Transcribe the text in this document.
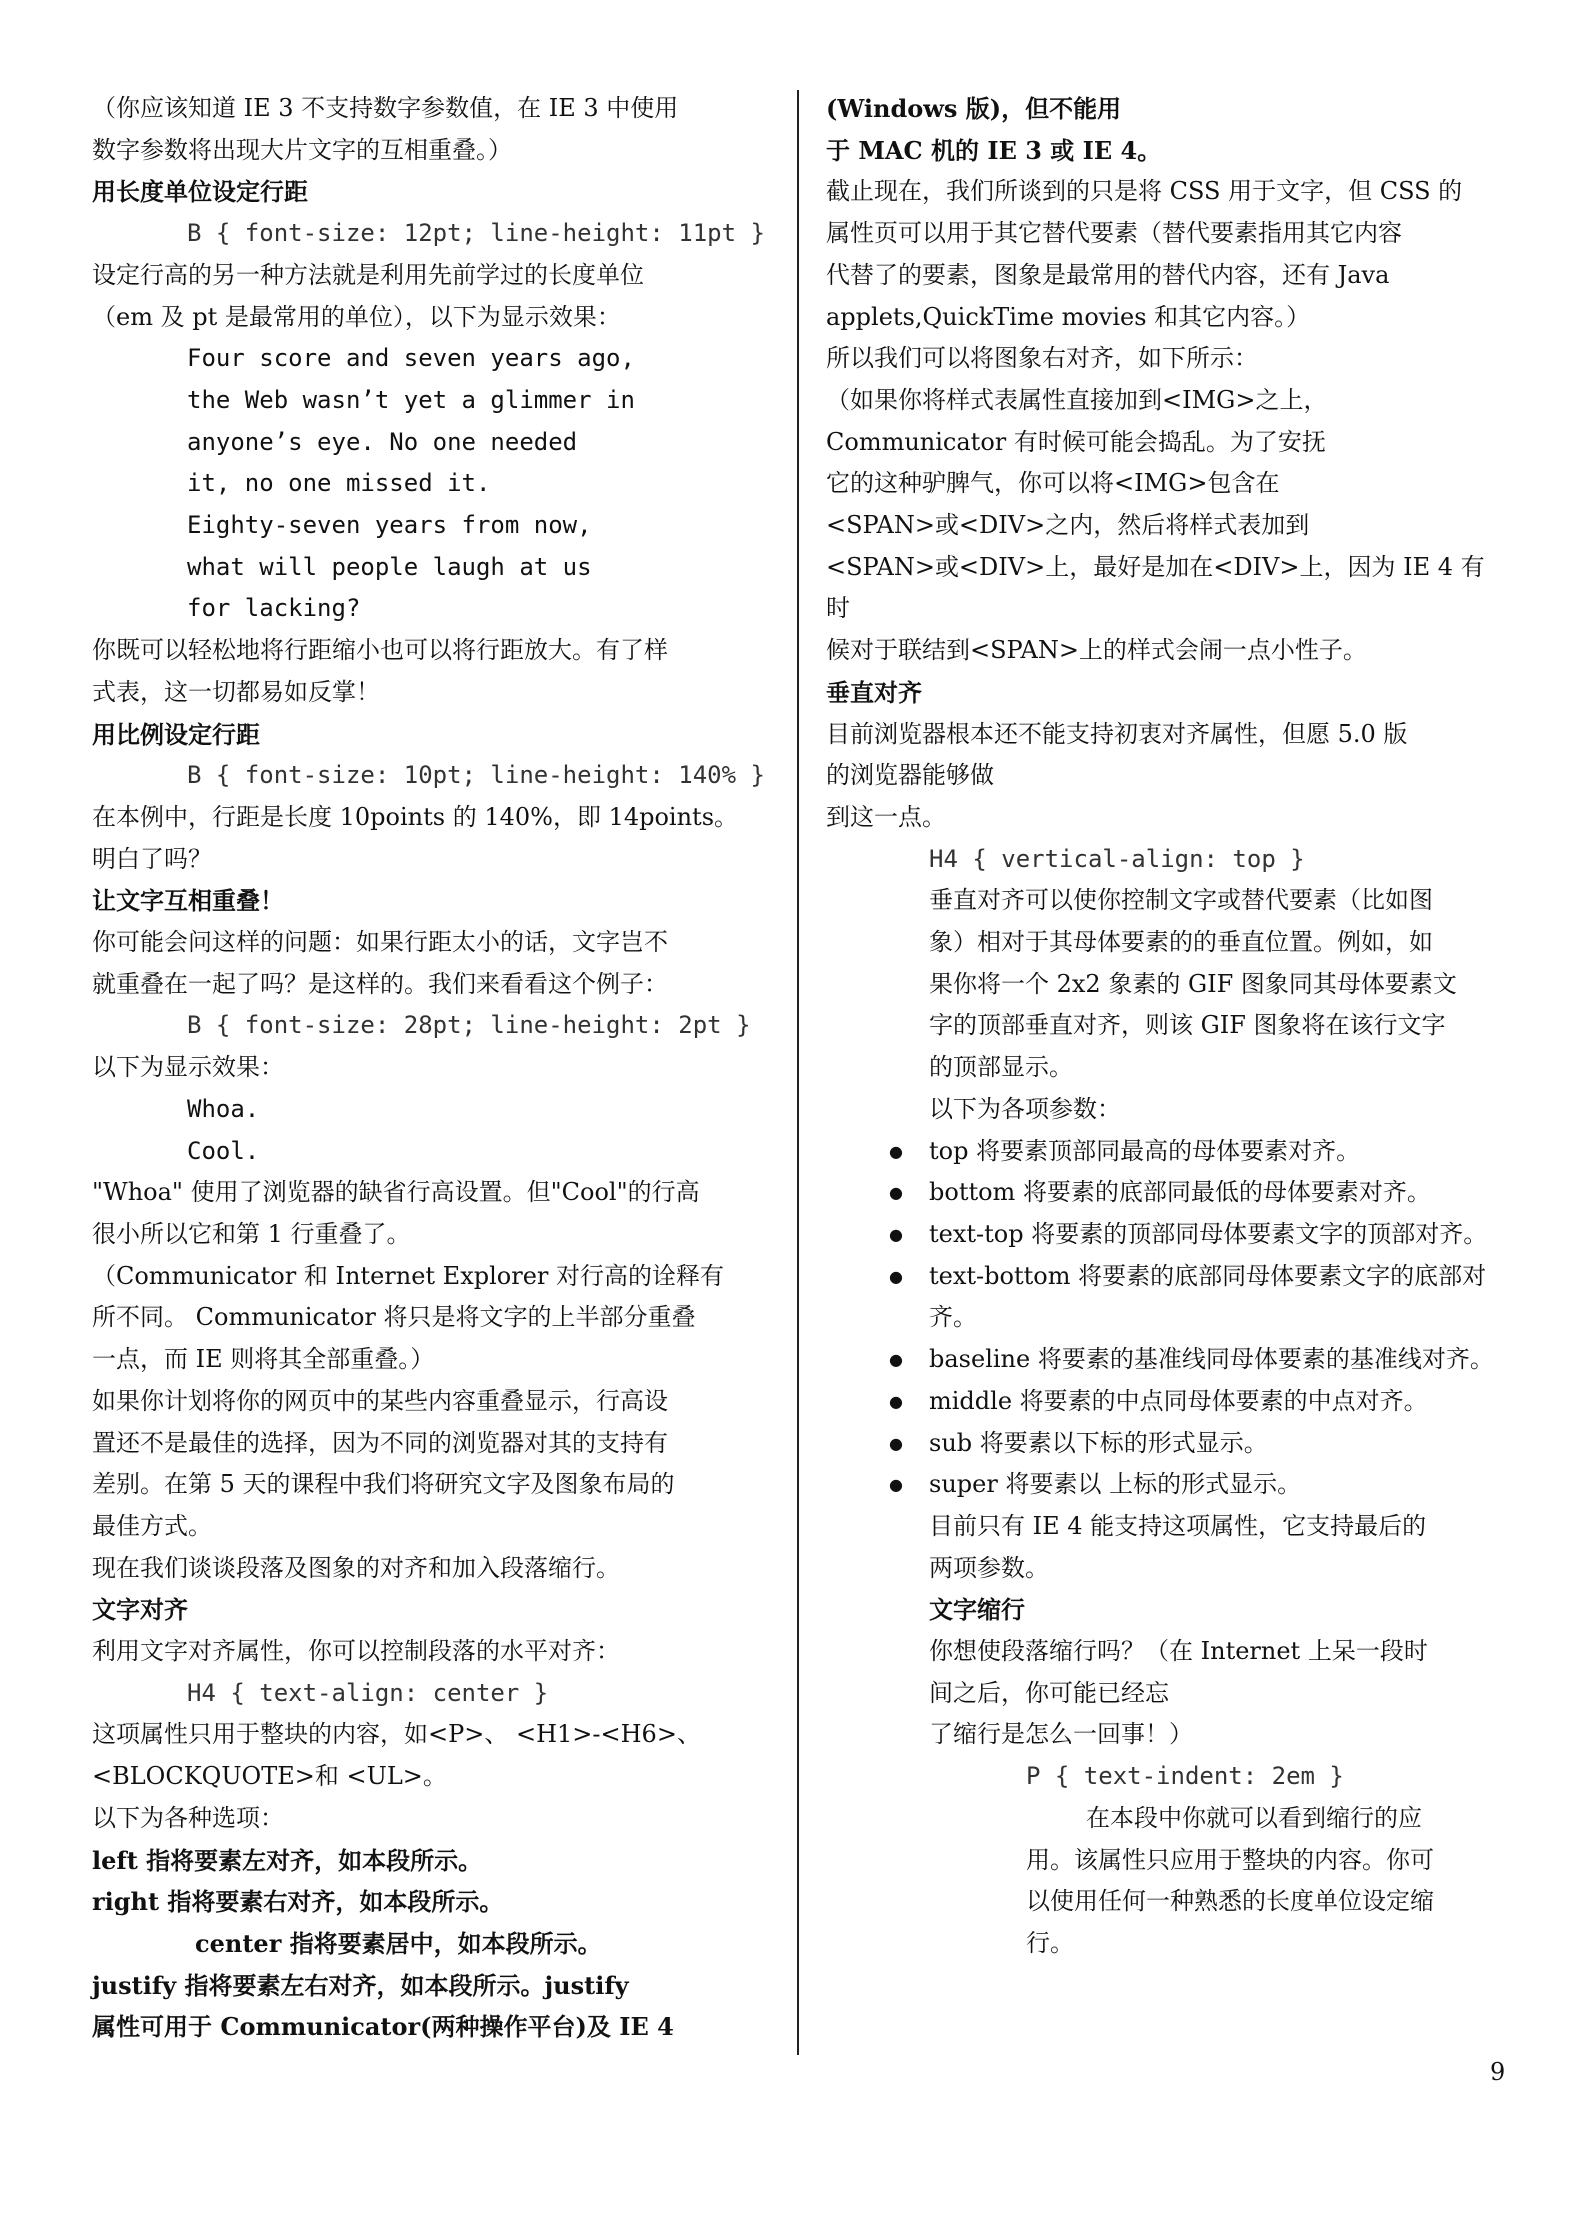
（你应该知道 IE 3 不支持数字参数值，在 IE 3 中使用

数字参数将出现大片文字的互相重叠。）

用长度单位设定行距

B { font-size: 12pt; line-height: 11pt }

设定行高的另一种方法就是利用先前学过的长度单位

（em 及 pt 是最常用的单位），以下为显示效果：

Four score and seven years ago,

the Web wasn’t yet a glimmer in

anyone’s eye. No one needed

it, no one missed it.

Eighty-seven years from now,

what will people laugh at us

for lacking?

你既可以轻松地将行距缩小也可以将行距放大。有了样

式表，这一切都易如反掌！

用比例设定行距

B { font-size: 10pt; line-height: 140% }

在本例中，行距是长度 10points 的 140%，即 14points。

明白了吗？

让文字互相重叠！

你可能会问这样的问题：如果行距太小的话，文字岂不

就重叠在一起了吗？是这样的。我们来看看这个例子：

B { font-size: 28pt; line-height: 2pt }

以下为显示效果：

Whoa.

Cool.

"Whoa" 使用了浏览器的缺省行高设置。但"Cool"的行高

很小所以它和第 1 行重叠了。

（Communicator 和 Internet Explorer 对行高的诠释有

所不同。 Communicator 将只是将文字的上半部分重叠

一点，而 IE 则将其全部重叠。）

如果你计划将你的网页中的某些内容重叠显示，行高设

置还不是最佳的选择，因为不同的浏览器对其的支持有

差别。在第 5 天的课程中我们将研究文字及图象布局的

最佳方式。

现在我们谈谈段落及图象的对齐和加入段落缩行。

文字对齐

利用文字对齐属性，你可以控制段落的水平对齐：

H4 { text-align: center }

这项属性只用于整块的内容，如<P>、 <H1>-<H6>、

<BLOCKQUOTE>和 <UL>。

以下为各种选项：

left 指将要素左对齐，如本段所示。

right 指将要素右对齐，如本段所示。

center 指将要素居中，如本段所示。

justify 指将要素左右对齐，如本段所示。justify

属性可用于 Communicator(两种操作平台)及 IE 4

(Windows 版)，但不能用

于 MAC 机的 IE 3 或 IE 4。

截止现在，我们所谈到的只是将 CSS 用于文字，但 CSS 的

属性页可以用于其它替代要素（替代要素指用其它内容

代替了的要素，图象是最常用的替代内容，还有 Java

applets,QuickTime movies 和其它内容。）

所以我们可以将图象右对齐，如下所示：

（如果你将样式表属性直接加到<IMG>之上，

Communicator 有时候可能会捣乱。为了安抚

它的这种驴脾气，你可以将<IMG>包含在

<SPAN>或<DIV>之内，然后将样式表加到

<SPAN>或<DIV>上，最好是加在<DIV>上，因为 IE 4 有时

候对于联结到<SPAN>上的样式会闹一点小性子。

垂直对齐

目前浏览器根本还不能支持初衷对齐属性，但愿 5.0 版

的浏览器能够做

到这一点。

H4 { vertical-align: top }

垂直对齐可以使你控制文字或替代要素（比如图

象）相对于其母体要素的的垂直位置。例如，如

果你将一个 2x2 象素的 GIF 图象同其母体要素文

字的顶部垂直对齐，则该 GIF 图象将在该行文字

的顶部显示。

以下为各项参数：

● top 将要素顶部同最高的母体要素对齐。
● bottom 将要素的底部同最低的母体要素对齐。
● text-top 将要素的顶部同母体要素文字的顶部对齐。
● text-bottom 将要素的底部同母体要素文字的底部对齐。
● baseline 将要素的基准线同母体要素的基准线对齐。
● middle 将要素的中点同母体要素的中点对齐。
● sub 将要素以下标的形式显示。
● super 将要素以 上标的形式显示。

目前只有 IE 4 能支持这项属性，它支持最后的

两项参数。

文字缩行

你想使段落缩行吗？（在 Internet 上呆一段时

间之后，你可能已经忘

了缩行是怎么一回事！）

P { text-indent: 2em }

在本段中你就可以看到缩行的应

用。该属性只应用于整块的内容。你可

以使用任何一种熟悉的长度单位设定缩

行。

9
